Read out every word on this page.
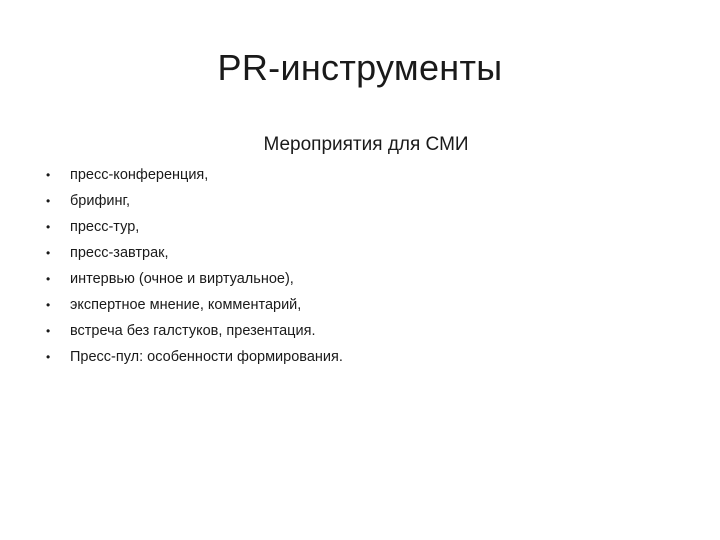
PR-инструменты
Мероприятия для СМИ
• пресс-конференция,
• брифинг,
• пресс-тур,
• пресс-завтрак,
• интервью (очное и виртуальное),
• экспертное мнение, комментарий,
• встреча без галстуков, презентация.
• Пресс-пул: особенности формирования.
